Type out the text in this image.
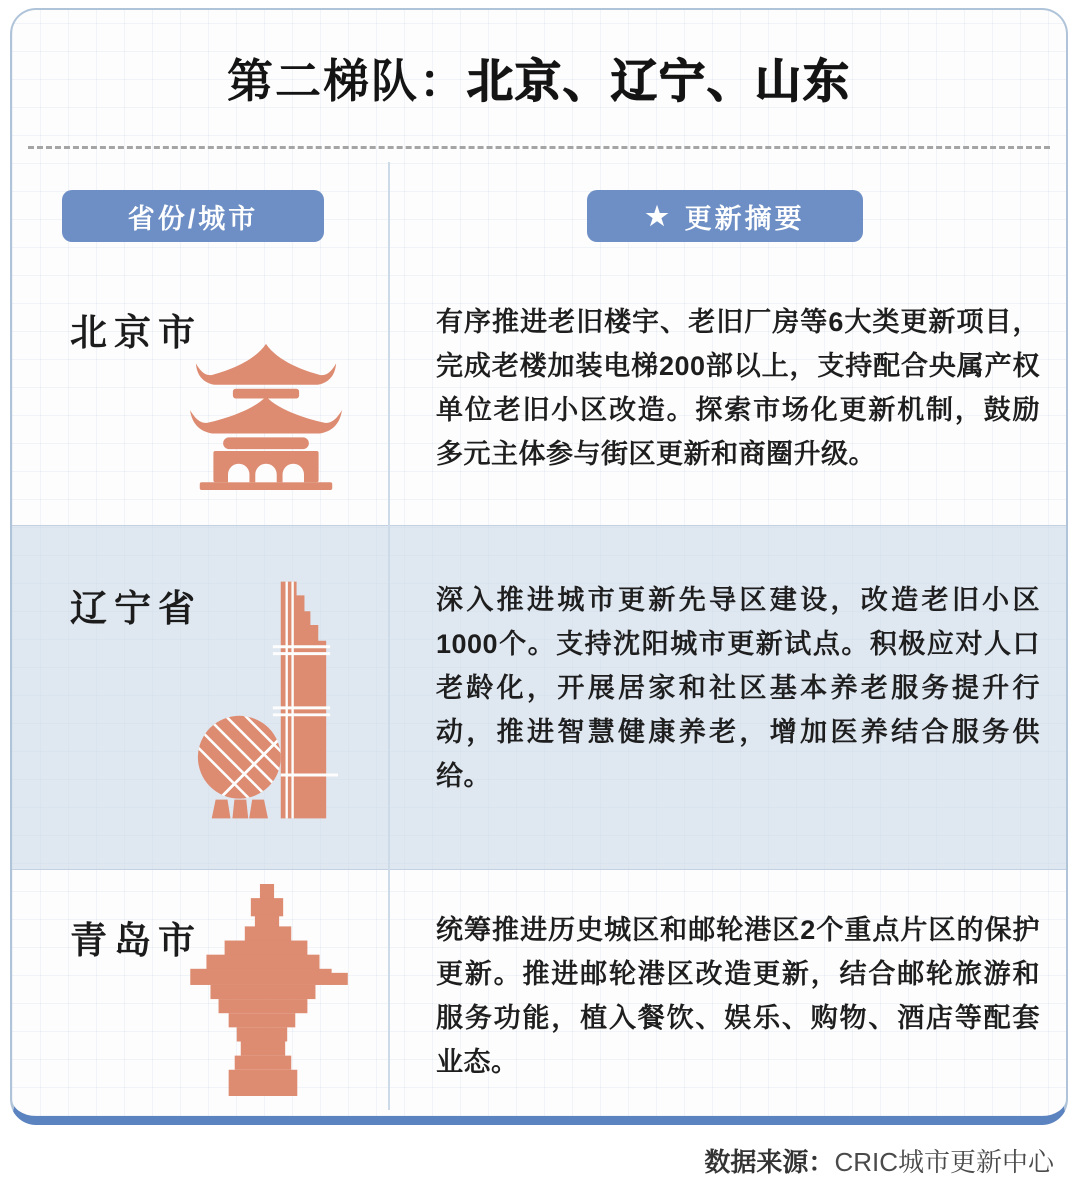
第二梯队：北京、辽宁、山东
省份/城市	★ 更新摘要
北京市	有序推进老旧楼宇、老旧厂房等6大类更新项目，完成老楼加装电梯200部以上，支持配合央属产权单位老旧小区改造。探索市场化更新机制，鼓励多元主体参与街区更新和商圈升级。

辽宁省	深入推进城市更新先导区建设，改造老旧小区1000个。支持沈阳城市更新试点。积极应对人口老龄化，开展居家和社区基本养老服务提升行动，推进智慧健康养老，增加医养结合服务供给。

青岛市	统筹推进历史城区和邮轮港区2个重点片区的保护更新。推进邮轮港区改造更新，结合邮轮旅游和服务功能，植入餐饮、娱乐、购物、酒店等配套业态。

数据来源：CRIC城市更新中心
